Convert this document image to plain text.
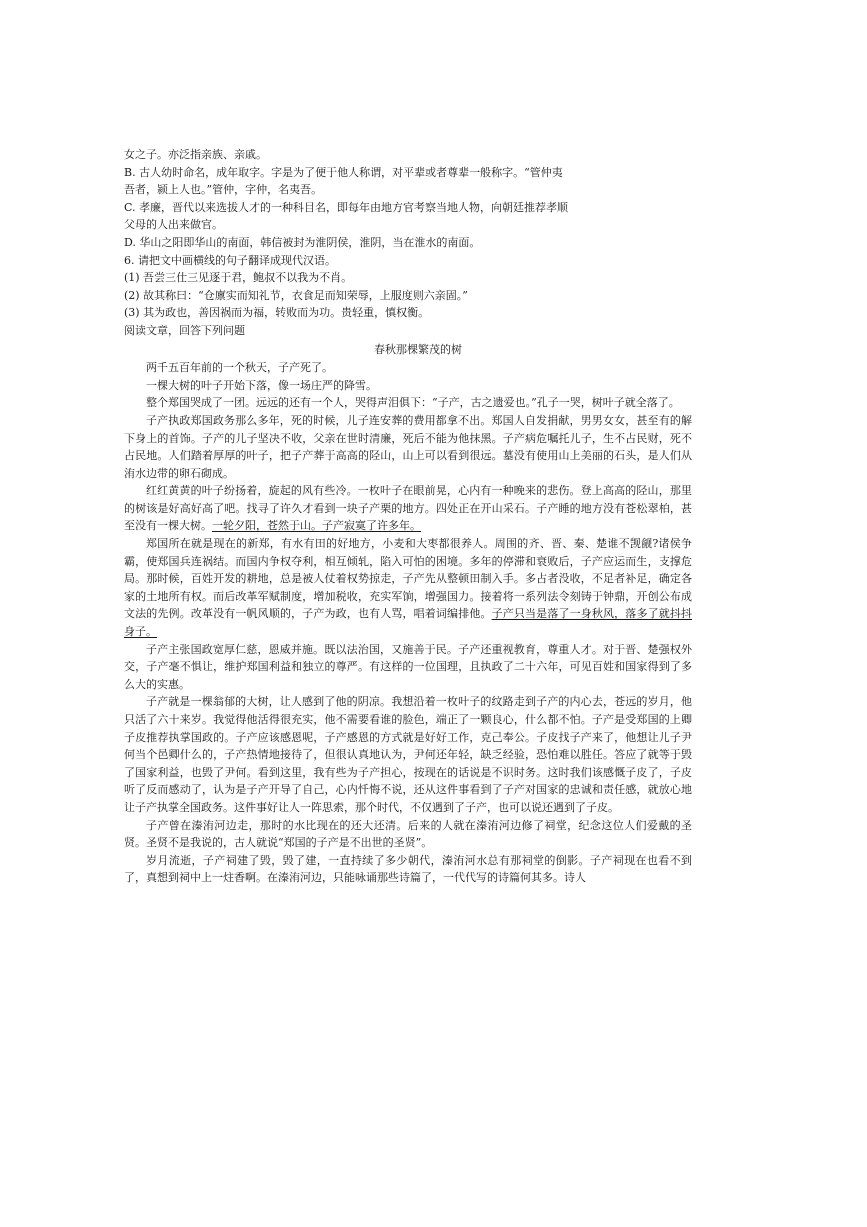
女之子。亦泛指亲族、亲戚。
B. 古人幼时命名，成年取字。字是为了便于他人称谓，对平辈或者尊辈一般称字。“管仲夷
吾者，颍上人也。”管仲，字仲，名夷吾。
C. 孝廉，晋代以来选拔人才的一种科目名，即每年由地方官考察当地人物，向朝廷推荐孝顺
父母的人出来做官。
D. 华山之阳即华山的南面，韩信被封为淮阴侯，淮阴，当在淮水的南面。
6. 请把文中画横线的句子翻译成现代汉语。
(1) 吾尝三仕三见逐于君，鲍叔不以我为不肖。
(2) 故其称曰：“仓廪实而知礼节，衣食足而知荣辱，上服度则六亲固。”
(3) 其为政也，善因祸而为福，转败而为功。贵轻重，慎权衡。
阅读文章，回答下列问题
春秋那棵繁茂的树
两千五百年前的一个秋天，子产死了。
一棵大树的叶子开始下落，像一场庄严的降雪。
整个郑国哭成了一团。远远的还有一个人，哭得声泪俱下：“子产，古之遗爱也。”孔子一哭，树叶子就全落了。
子产执政郑国政务那么多年，死的时候，儿子连安葬的费用都拿不出。郑国人自发捐献，男男女女，甚至有的解下身上的首饰。子产的儿子坚决不收，父亲在世时清廉，死后不能为他抹黑。子产病危嘱托儿子，生不占民财，死不占民地。人们踏着厚厚的叶子，把子产葬于高高的陉山，山上可以看到很远。墓没有使用山上美丽的石头，是人们从洧水边带的卵石砌成。
红红黄黄的叶子纷扬着，旋起的风有些冷。一枚叶子在眼前晃，心内有一种晚来的悲伤。登上高高的陉山，那里的树该是好高好高了吧。找寻了许久才看到一块子产栗的地方。四处正在开山采石。子产睡的地方没有苍松翠柏，甚至没有一棵大树。一轮夕阳，苍然于山。子产寂寞了许多年。
郑国所在就是现在的新郑，有水有田的好地方，小麦和大枣都很养人。周围的齐、晋、秦、楚谁不觊觎?诸侯争霸，使郑国兵连祸结。而国内争权夺利，相互倾轧，陷入可怕的困境。多年的停滞和衰败后，子产应运而生，支撑危局。那时候，百姓开发的耕地，总是被人仗着权势掠走，子产先从整顿田制入手。多占者没收，不足者补足，确定各家的土地所有权。而后改革军赋制度，增加税收，充实军饷，增强国力。接着将一系列法令刻铸于钟鼎，开创公布成文法的先例。改革没有一帆风顺的，子产为政，也有人骂，唱着词编排他。子产只当是落了一身秋风，落多了就抖抖身子。
子产主张国政宽厚仁慈，恩威并施。既以法治国，又施善于民。子产还重视教育，尊重人才。对于晋、楚强权外交，子产毫不惧让，维护郑国利益和独立的尊严。有这样的一位国理，且执政了二十六年，可见百姓和国家得到了多么大的实惠。
子产就是一棵翁郁的大树，让人感到了他的阴凉。我想沿着一枚叶子的纹路走到子产的内心去，苍远的岁月，他只活了六十来岁。我觉得他活得很充实，他不需要看谁的脸色，端正了一颗良心，什么都不怕。子产是受郑国的上卿子皮推荐执掌国政的。子产应该感恩呢，子产感恩的方式就是好好工作，克己奉公。子皮找子产来了，他想让儿子尹何当个邑卿什么的，子产热情地接待了，但很认真地认为，尹何还年轻，缺乏经验，恐怕难以胜任。答应了就等于毁了国家利益，也毁了尹何。看到这里，我有些为子产担心，按现在的话说是不识时务。这时我们该感慨子皮了，子皮听了反而感动了，认为是子产开导了自己，心内忏悔不说，还从这件事看到了子产对国家的忠诚和责任感，就放心地让子产执掌全国政务。这件事好让人一阵思索，那个时代，不仅遇到了子产，也可以说还遇到了子皮。
子产曾在溱洧河边走，那时的水比现在的还大还清。后来的人就在溱洧河边修了祠堂，纪念这位人们爱戴的圣贤。圣贤不是我说的，古人就说“郑国的子产是不出世的圣贤”。
岁月流逝，子产祠建了毁，毁了建，一直持续了多少朝代，溱洧河水总有那祠堂的倒影。子产祠现在也看不到了，真想到祠中上一炷香啊。在溱洧河边，只能咏诵那些诗篇了，一代代写的诗篇何其多。诗人
